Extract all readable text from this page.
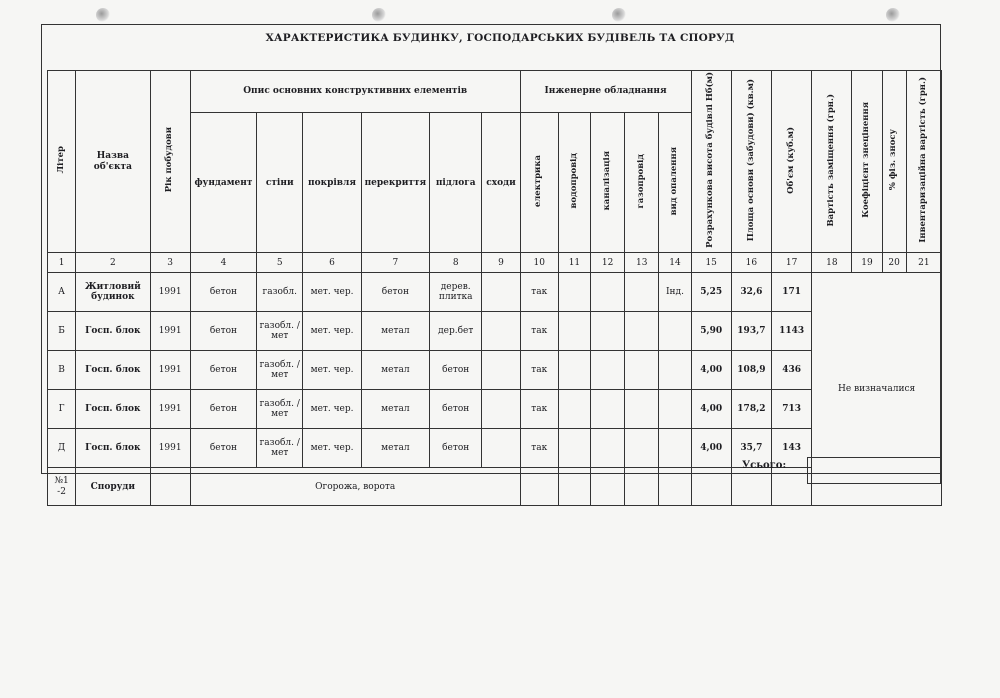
ХАРАКТЕРИСТИКА БУДИНКУ, ГОСПОДАРСЬКИХ БУДІВЕЛЬ ТА СПОРУД
Літер	Назва об'єкта	Рік побудови	Опис основних конструктивних елементів						Інженерне обладнання					Розрахункова висота будівлі Нб(м)	Площа основи (забудови) (кв.м)	Об'єм (куб.м)	Вартість заміщення (грн.)	Коефіцієнт знецінення	% фіз. зносу	Інвентаризаційна вартість (грн.)
			фундамент	стіни	покрівля	перекриття	підлога	сходи	електрика	водопровід	каналізація	газопровід	вид опалення							
1	2	3	4	5	6	7	8	9	10	11	12	13	14	15	16	17	18	19	20	21
А	Житловий будинок	1991	бетон	газобл.	мет. чер.	бетон	дерев. плитка		так				Інд.	5,25	32,6	171	Не визначалися			
Б	Госп. блок	1991	бетон	газобл. /мет	мет. чер.	метал	дер.бет		так					5,90	193,7	1143				
В	Госп. блок	1991	бетон	газобл. /мет	мет. чер.	метал	бетон		так					4,00	108,9	436				
Г	Госп. блок	1991	бетон	газобл. /мет	мет. чер.	метал	бетон		так					4,00	178,2	713				
Д	Госп. блок	1991	бетон	газобл. /мет	мет. чер.	метал	бетон		так					4,00	35,7	143				
№1 -2	Споруди		Огорожа, ворота																	
Усього:
